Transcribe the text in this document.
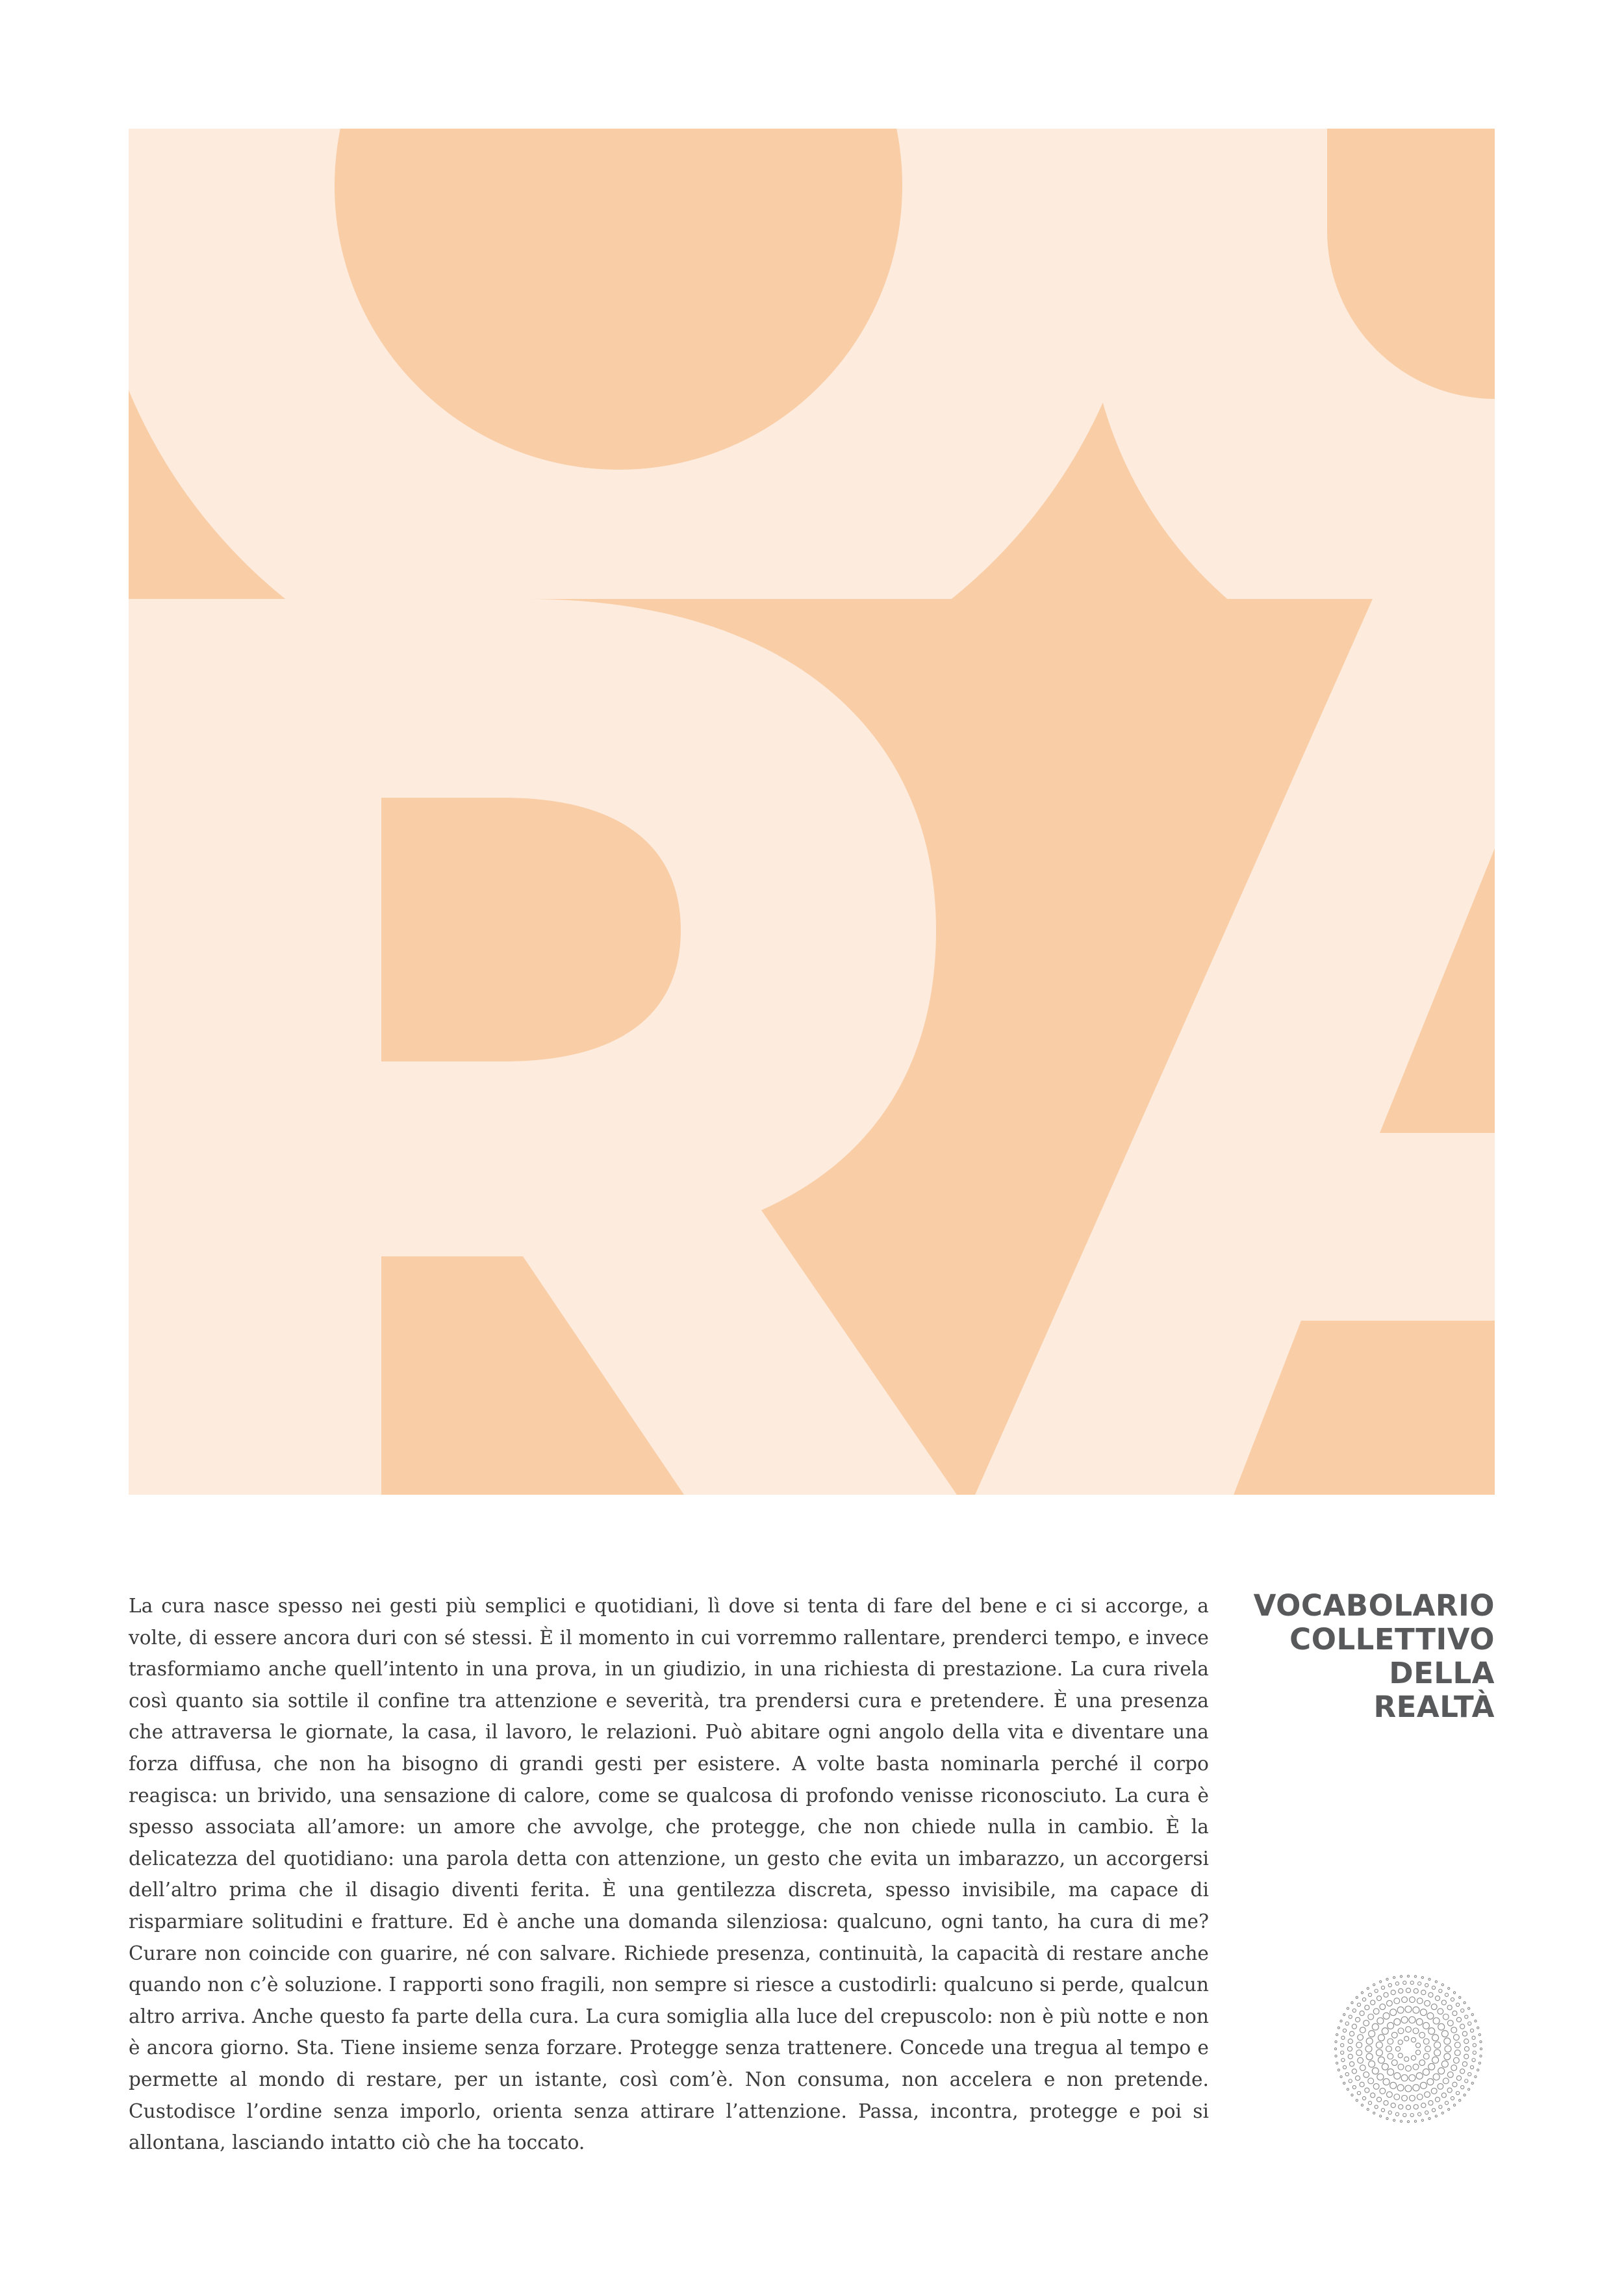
La cura nasce spesso nei gesti più semplici e quotidiani, lì dove si tenta di fare del bene e ci si accorge, a volte, di essere ancora duri con sé stessi. È il momento in cui vorremmo rallentare, prenderci tempo, e invece trasformiamo anche quell’intento in una prova, in un giudizio, in una richiesta di prestazione. La cura rivela così quanto sia sottile il confine tra attenzione e severità, tra prendersi cura e pretendere. È una presenza che attraversa le giornate, la casa, il lavoro, le relazioni. Può abitare ogni angolo della vita e diventare una forza diffusa, che non ha bisogno di grandi gesti per esistere. A volte basta nominarla perché il corpo reagisca: un brivido, una sensazione di calore, come se qualcosa di profondo venisse riconosciuto. La cura è spesso associata all’amore: un amore che avvolge, che protegge, che non chiede nulla in cambio. È la delicatezza del quotidiano: una parola detta con attenzione, un gesto che evita un imbarazzo, un accorgersi dell’altro prima che il disagio diventi ferita. È una gentilezza discreta, spesso invisibile, ma capace di risparmiare solitudini e fratture. Ed è anche una domanda silenziosa: qualcuno, ogni tanto, ha cura di me? Curare non coincide con guarire, né con salvare. Richiede presenza, continuità, la capacità di restare anche quando non c’è soluzione. I rapporti sono fragili, non sempre si riesce a custodirli: qualcuno si perde, qualcun altro arriva. Anche questo fa parte della cura. La cura somiglia alla luce del crepuscolo: non è più notte e non è ancora giorno. Sta. Tiene insieme senza forzare. Protegge senza trattenere. Concede una tregua al tempo e permette al mondo di restare, per un istante, così com’è. Non consuma, non accelera e non pretende. Custodisce l’ordine senza imporlo, orienta senza attirare l’attenzione. Passa, incontra, protegge e poi si allontana, lasciando intatto ciò che ha toccato.

VOCABOLARIO
COLLETTIVO
DELLA
REALTÀ
